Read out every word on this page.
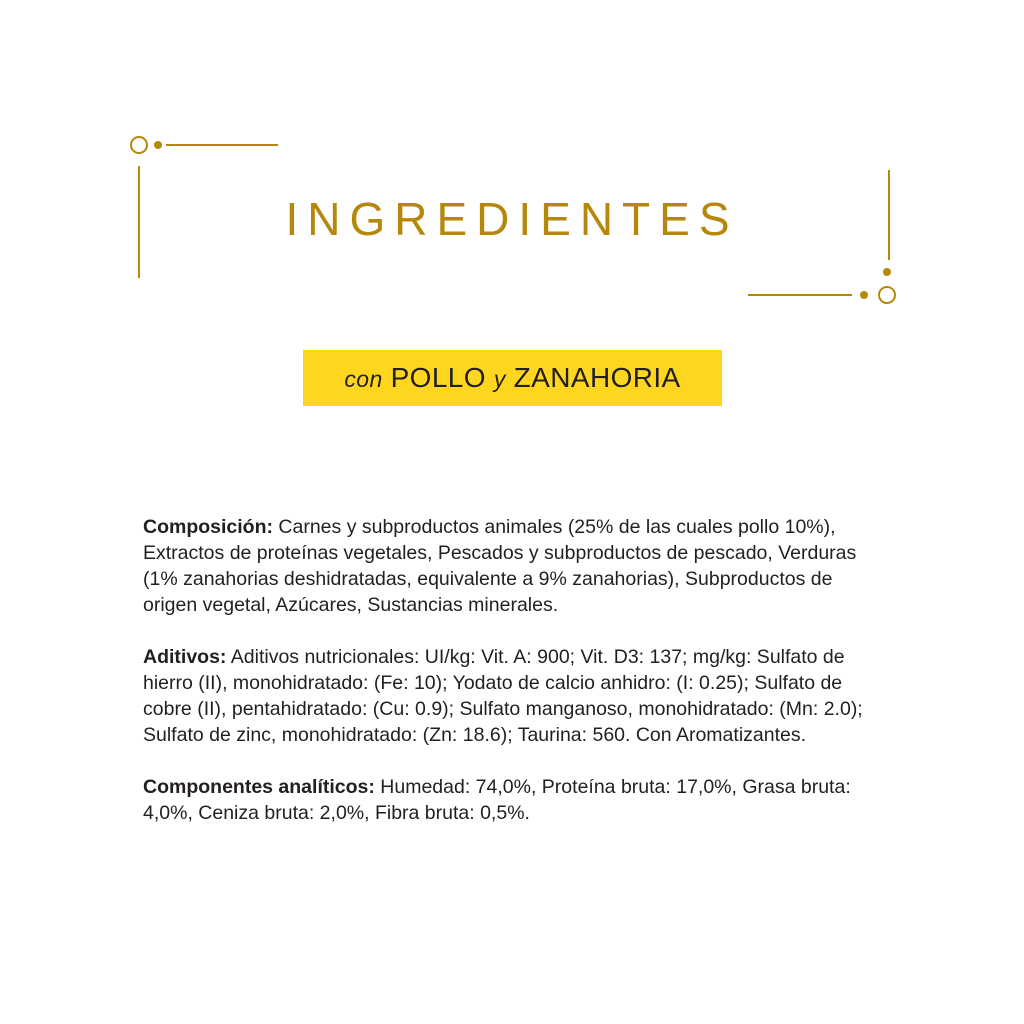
INGREDIENTES
con POLLO y ZANAHORIA

Composición: Carnes y subproductos animales (25% de las cuales pollo 10%), Extractos de proteínas vegetales, Pescados y subproductos de pescado, Verduras (1% zanahorias deshidratadas, equivalente a 9% zanahorias), Subproductos de origen vegetal, Azúcares, Sustancias minerales.

Aditivos: Aditivos nutricionales: UI/kg: Vit. A: 900; Vit. D3: 137; mg/kg: Sulfato de hierro (II), monohidratado: (Fe: 10); Yodato de calcio anhidro: (I: 0.25); Sulfato de cobre (II), pentahidratado: (Cu: 0.9); Sulfato manganoso, monohidratado: (Mn: 2.0); Sulfato de zinc, monohidratado: (Zn: 18.6); Taurina: 560. Con Aromatizantes.

Componentes analíticos: Humedad: 74,0%, Proteína bruta: 17,0%, Grasa bruta: 4,0%, Ceniza bruta: 2,0%, Fibra bruta: 0,5%.
